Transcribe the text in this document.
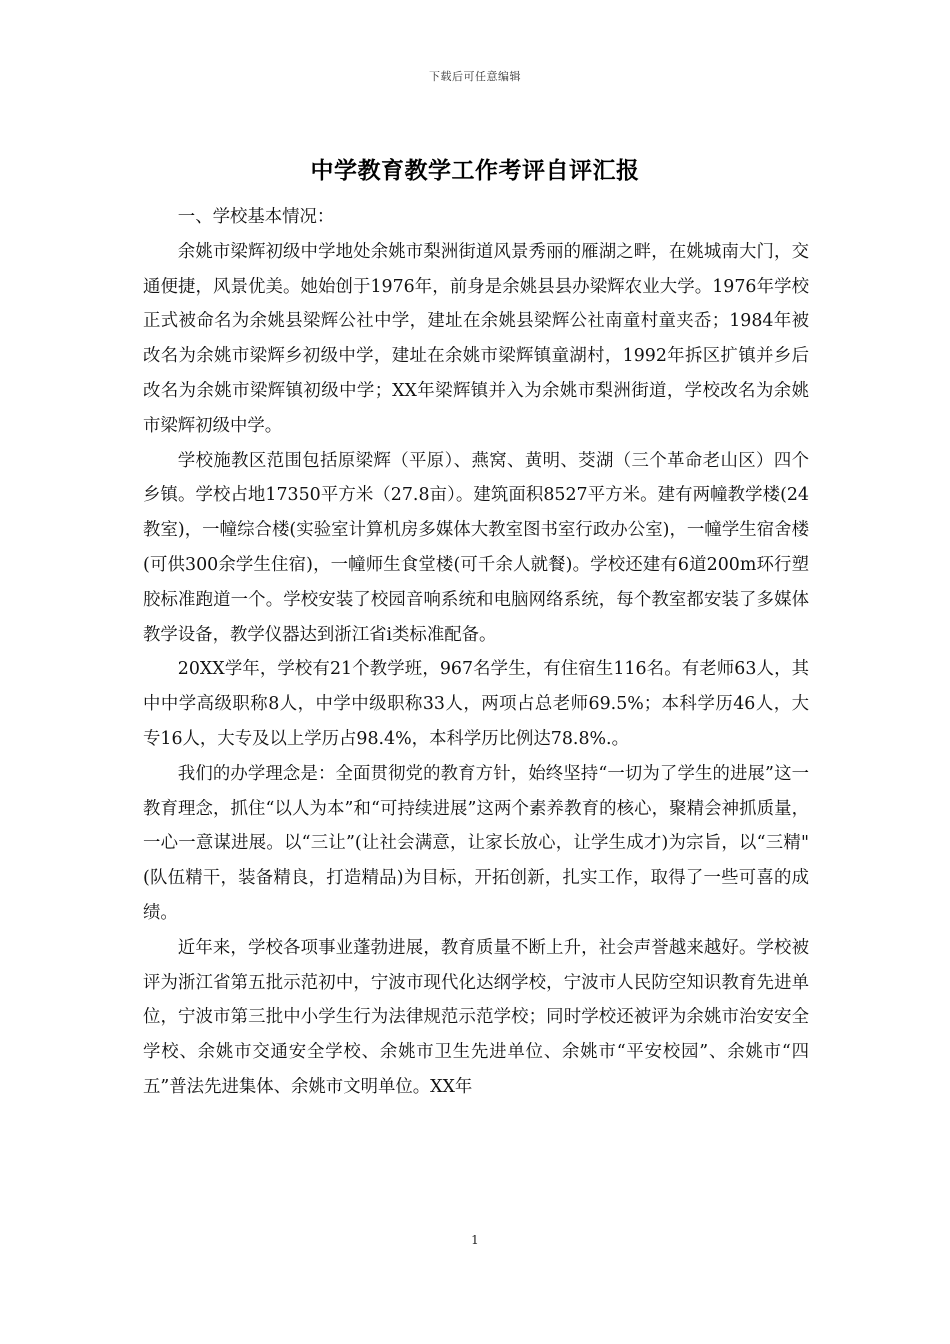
下载后可任意编辑
中学教育教学工作考评自评汇报

一、学校基本情况：

余姚市梁辉初级中学地处余姚市梨洲街道风景秀丽的雁湖之畔，在姚城南大门，交通便捷，风景优美。她始创于1976年，前身是余姚县县办梁辉农业大学。1976年学校正式被命名为余姚县梁辉公社中学，建址在余姚县梁辉公社南童村童夹岙；1984年被改名为余姚市梁辉乡初级中学，建址在余姚市梁辉镇童湖村，1992年拆区扩镇并乡后改名为余姚市梁辉镇初级中学；XX年梁辉镇并入为余姚市梨洲街道，学校改名为余姚市梁辉初级中学。

学校施教区范围包括原梁辉（平原）、燕窝、黄明、茭湖（三个革命老山区）四个乡镇。学校占地17350平方米（27.8亩）。建筑面积8527平方米。建有两幢教学楼(24教室)，一幢综合楼(实验室计算机房多媒体大教室图书室行政办公室)，一幢学生宿舍楼(可供300余学生住宿)，一幢师生食堂楼(可千余人就餐)。学校还建有6道200m环行塑胶标准跑道一个。学校安装了校园音响系统和电脑网络系统，每个教室都安装了多媒体教学设备，教学仪器达到浙江省ⅰ类标准配备。

20XX学年，学校有21个教学班，967名学生，有住宿生116名。有老师63人，其中中学高级职称8人，中学中级职称33人，两项占总老师69.5%；本科学历46人，大专16人，大专及以上学历占98.4%，本科学历比例达78.8%.。

我们的办学理念是：全面贯彻党的教育方针，始终坚持“一切为了学生的进展”这一教育理念，抓住“以人为本”和“可持续进展”这两个素养教育的核心，聚精会神抓质量，一心一意谋进展。以“三让”(让社会满意，让家长放心，让学生成才)为宗旨，以“三精"(队伍精干，装备精良，打造精品)为目标，开拓创新，扎实工作，取得了一些可喜的成绩。

近年来，学校各项事业蓬勃进展，教育质量不断上升，社会声誉越来越好。学校被评为浙江省第五批示范初中，宁波市现代化达纲学校，宁波市人民防空知识教育先进单位，宁波市第三批中小学生行为法律规范示范学校；同时学校还被评为余姚市治安安全学校、余姚市交通安全学校、余姚市卫生先进单位、余姚市“平安校园”、余姚市“四五”普法先进集体、余姚市文明单位。XX年

1
